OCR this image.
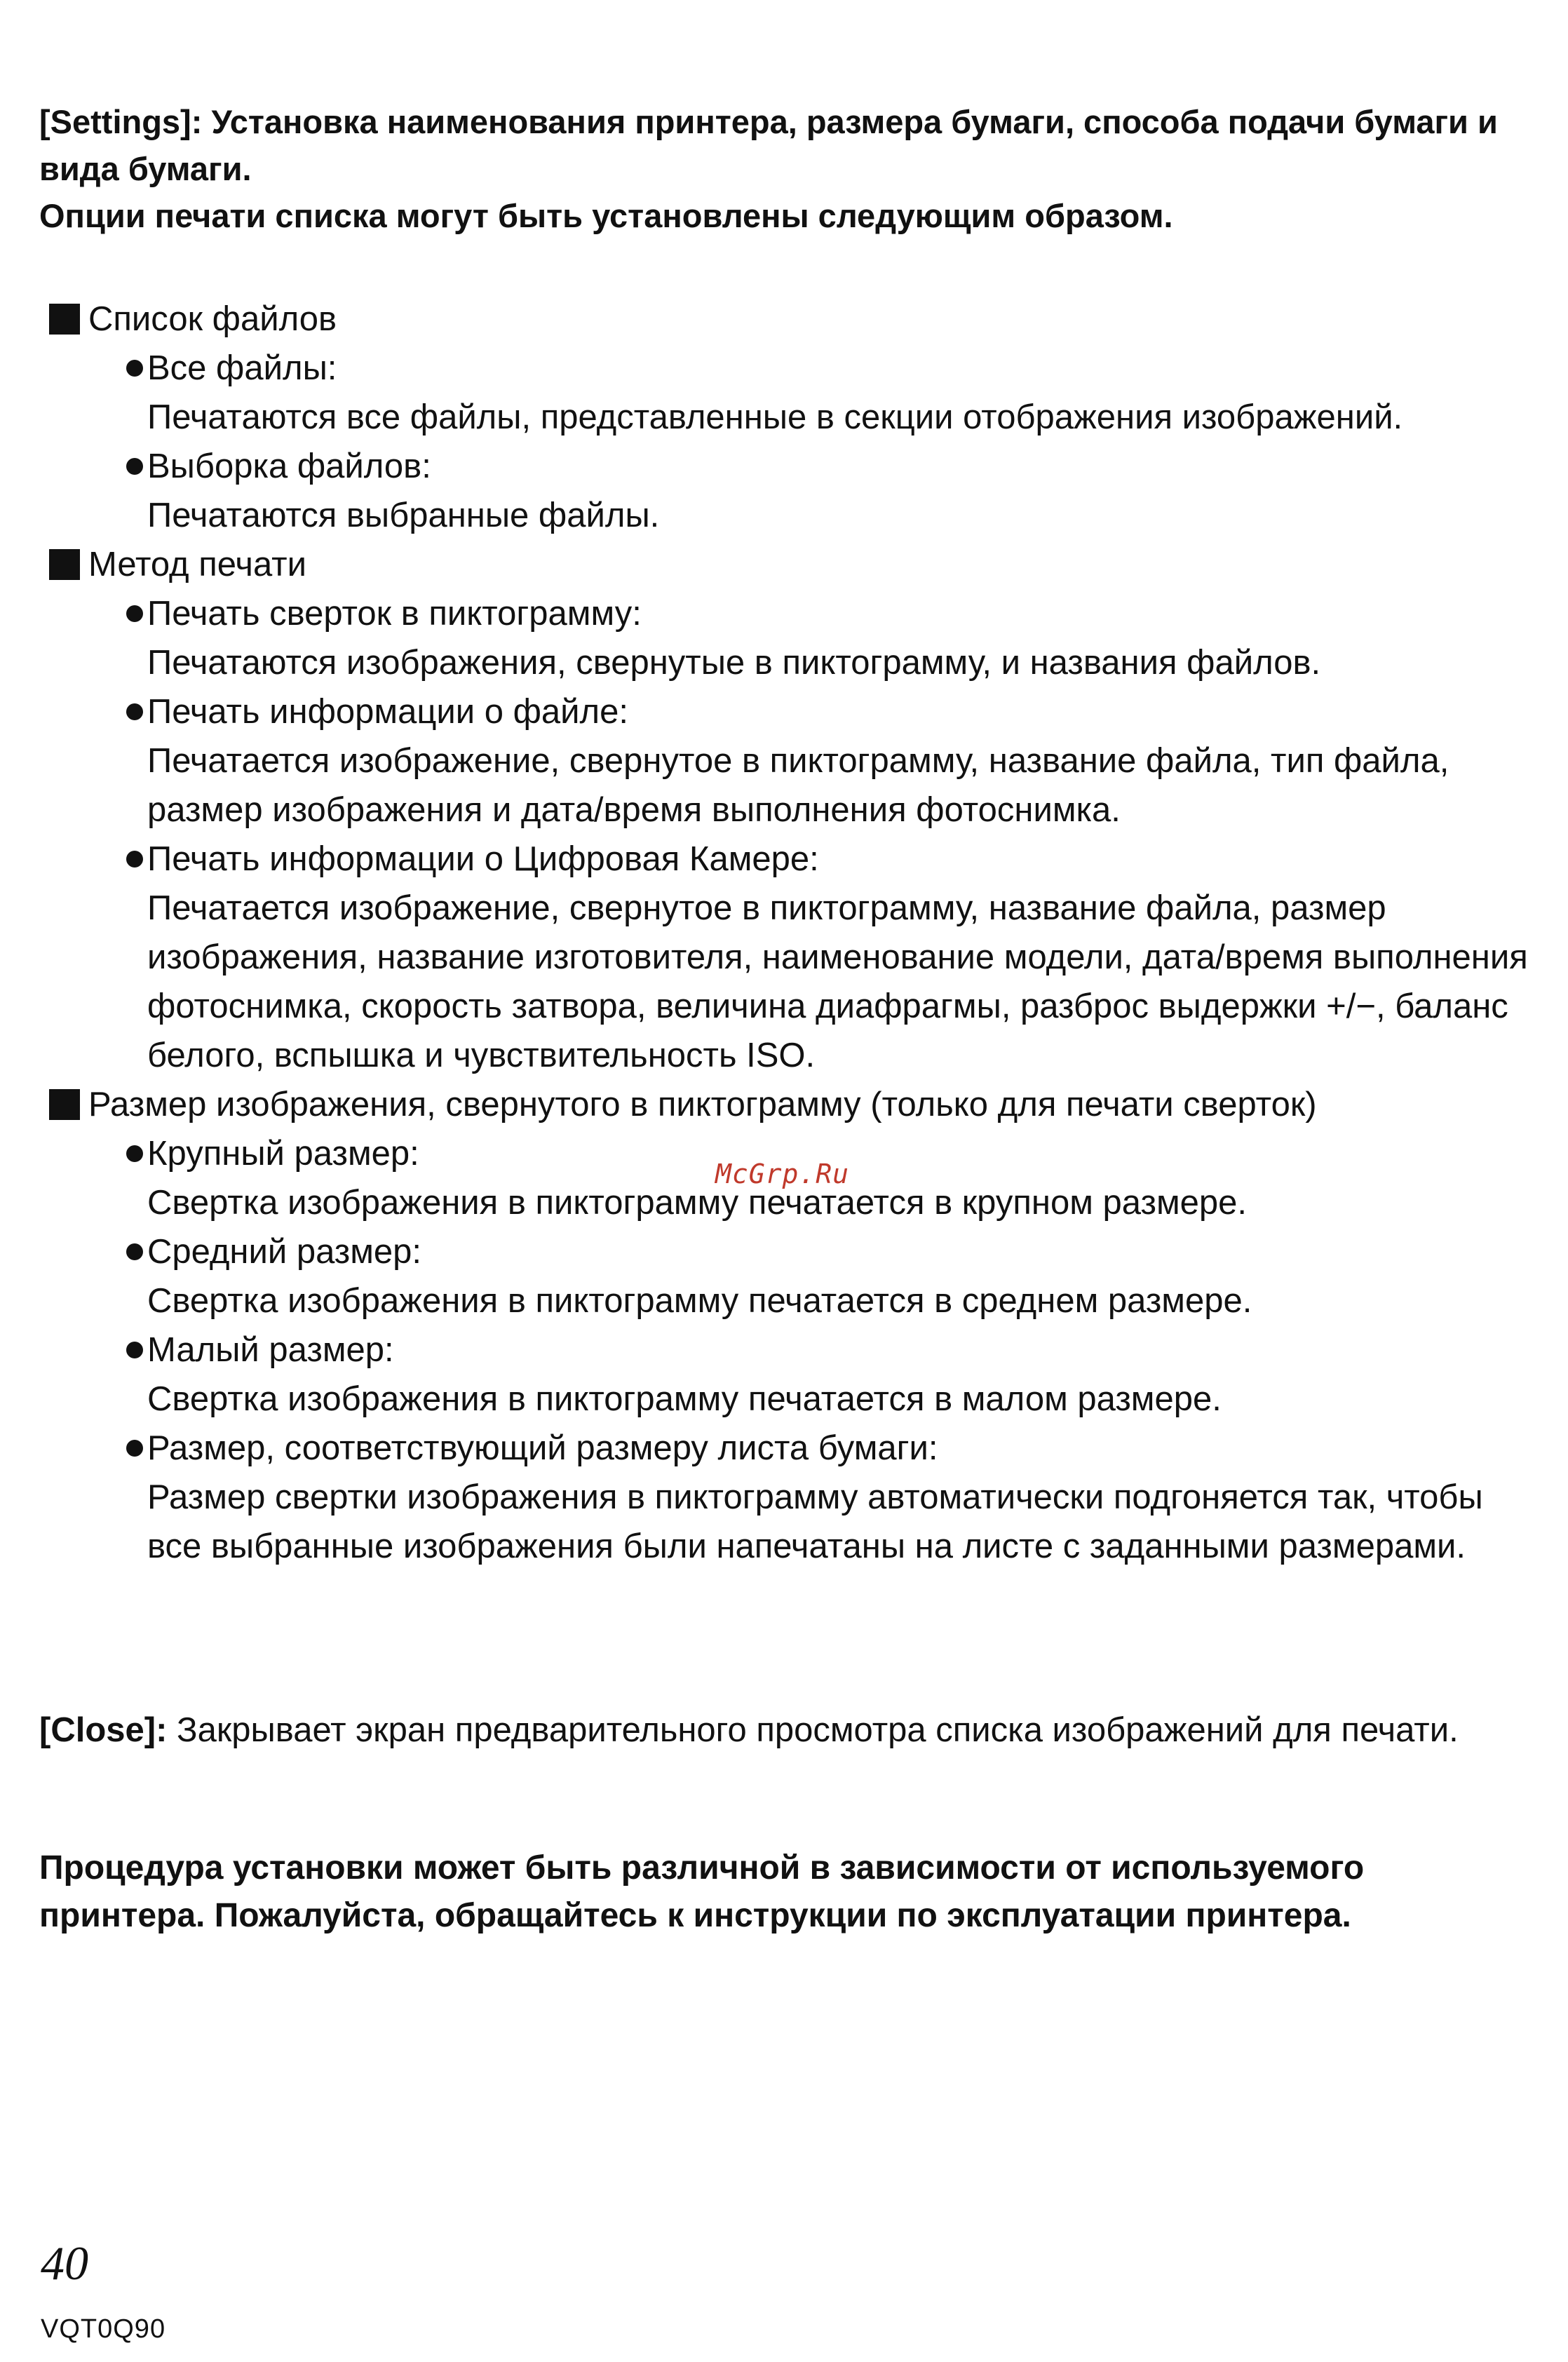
[Settings]: Установка наименования принтера, размера бумаги, способа подачи бумаги и вида бумаги.

Опции печати списка могут быть установлены следующим образом.

Список файлов
Все файлы:

Печатаются все файлы, представленные в секции отображения изображений.

Выборка файлов:

Печатаются выбранные файлы.

Метод печати
Печать сверток в пиктограмму:

Печатаются изображения, свернутые в пиктограмму, и названия файлов.

Печать информации о файле:

Печатается изображение, свернутое в пиктограмму, название файла, тип файла, размер изображения и дата/время выполнения фотоснимка.

Печать информации о Цифровая Камере:

Печатается изображение, свернутое в пиктограмму, название файла, размер изображения, название изготовителя, наименование модели, дата/время выполнения фотоснимка, скорость затвора, величина диафрагмы, разброс выдержки +/−, баланс белого, вспышка и чувствительность ISO.

Размер изображения, свернутого в пиктограмму (только для печати сверток)
Крупный размер:

Свертка изображения в пиктограмму печатается в крупном размере.

Средний размер:

Свертка изображения в пиктограмму печатается в среднем размере.

Малый размер:

Свертка изображения в пиктограмму печатается в малом размере.

Размер, соответствующий размеру листа бумаги:

Размер свертки изображения в пиктограмму автоматически подгоняется так, чтобы все выбранные изображения были напечатаны на листе с заданными размерами.

McGrp.Ru
[Close]: Закрывает экран предварительного просмотра списка изображений для печати.

Процедура установки может быть различной в зависимости от используемого принтера. Пожалуйста, обращайтесь к инструкции по эксплуатации принтера.

40
VQT0Q90
